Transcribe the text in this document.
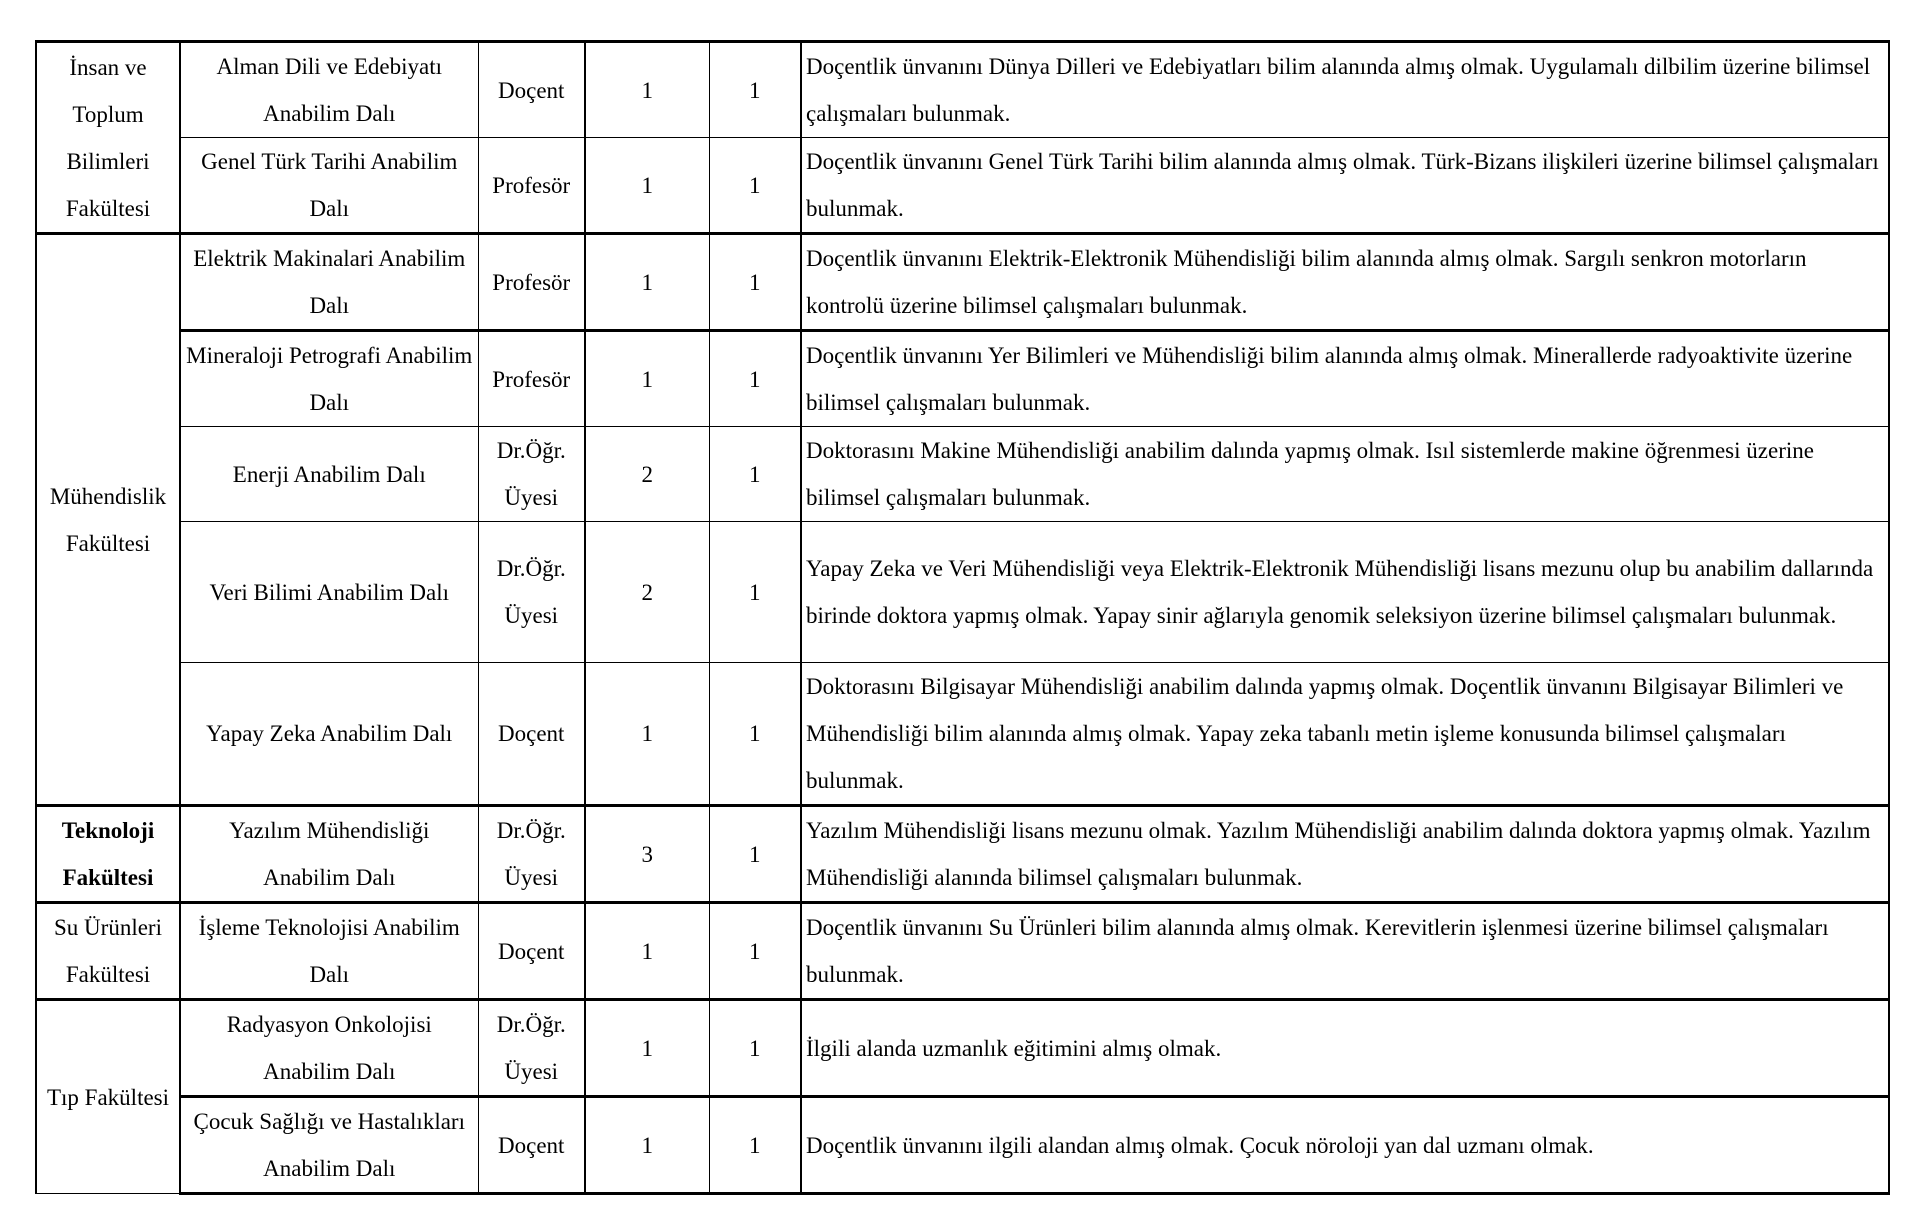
İnsan ve Toplum Bilimleri Fakültesi	Alman Dili ve Edebiyatı Anabilim Dalı	Doçent	1	1	Doçentlik ünvanını Dünya Dilleri ve Edebiyatları bilim alanında almış olmak. Uygulamalı dilbilim üzerine bilimsel çalışmaları bulunmak.
	Genel Türk Tarihi Anabilim Dalı	Profesör	1	1	Doçentlik ünvanını Genel Türk Tarihi bilim alanında almış olmak. Türk-Bizans ilişkileri üzerine bilimsel çalışmaları bulunmak.
Mühendislik Fakültesi	Elektrik Makinalari Anabilim Dalı	Profesör	1	1	Doçentlik ünvanını Elektrik-Elektronik Mühendisliği bilim alanında almış olmak. Sargılı senkron motorların kontrolü üzerine bilimsel çalışmaları bulunmak.
	Mineraloji Petrografi Anabilim Dalı	Profesör	1	1	Doçentlik ünvanını Yer Bilimleri ve Mühendisliği bilim alanında almış olmak. Minerallerde radyoaktivite üzerine bilimsel çalışmaları bulunmak.
	Enerji Anabilim Dalı	Dr.Öğr. Üyesi	2	1	Doktorasını Makine Mühendisliği anabilim dalında yapmış olmak. Isıl sistemlerde makine öğrenmesi üzerine bilimsel çalışmaları bulunmak.
	Veri Bilimi Anabilim Dalı	Dr.Öğr. Üyesi	2	1	Yapay Zeka ve Veri Mühendisliği veya Elektrik-Elektronik Mühendisliği lisans mezunu olup bu anabilim dallarında birinde doktora yapmış olmak. Yapay sinir ağlarıyla genomik seleksiyon üzerine bilimsel çalışmaları bulunmak.
	Yapay Zeka Anabilim Dalı	Doçent	1	1	Doktorasını Bilgisayar Mühendisliği anabilim dalında yapmış olmak. Doçentlik ünvanını Bilgisayar Bilimleri ve Mühendisliği bilim alanında almış olmak. Yapay zeka tabanlı metin işleme konusunda bilimsel çalışmaları bulunmak.
Teknoloji Fakültesi	Yazılım Mühendisliği Anabilim Dalı	Dr.Öğr. Üyesi	3	1	Yazılım Mühendisliği lisans mezunu olmak. Yazılım Mühendisliği anabilim dalında doktora yapmış olmak. Yazılım Mühendisliği alanında bilimsel çalışmaları bulunmak.
Su Ürünleri Fakültesi	İşleme Teknolojisi Anabilim Dalı	Doçent	1	1	Doçentlik ünvanını Su Ürünleri bilim alanında almış olmak. Kerevitlerin işlenmesi üzerine bilimsel çalışmaları bulunmak.
Tıp Fakültesi	Radyasyon Onkolojisi Anabilim Dalı	Dr.Öğr. Üyesi	1	1	İlgili alanda uzmanlık eğitimini almış olmak.
	Çocuk Sağlığı ve Hastalıkları Anabilim Dalı	Doçent	1	1	Doçentlik ünvanını ilgili alandan almış olmak. Çocuk nöroloji yan dal uzmanı olmak.
